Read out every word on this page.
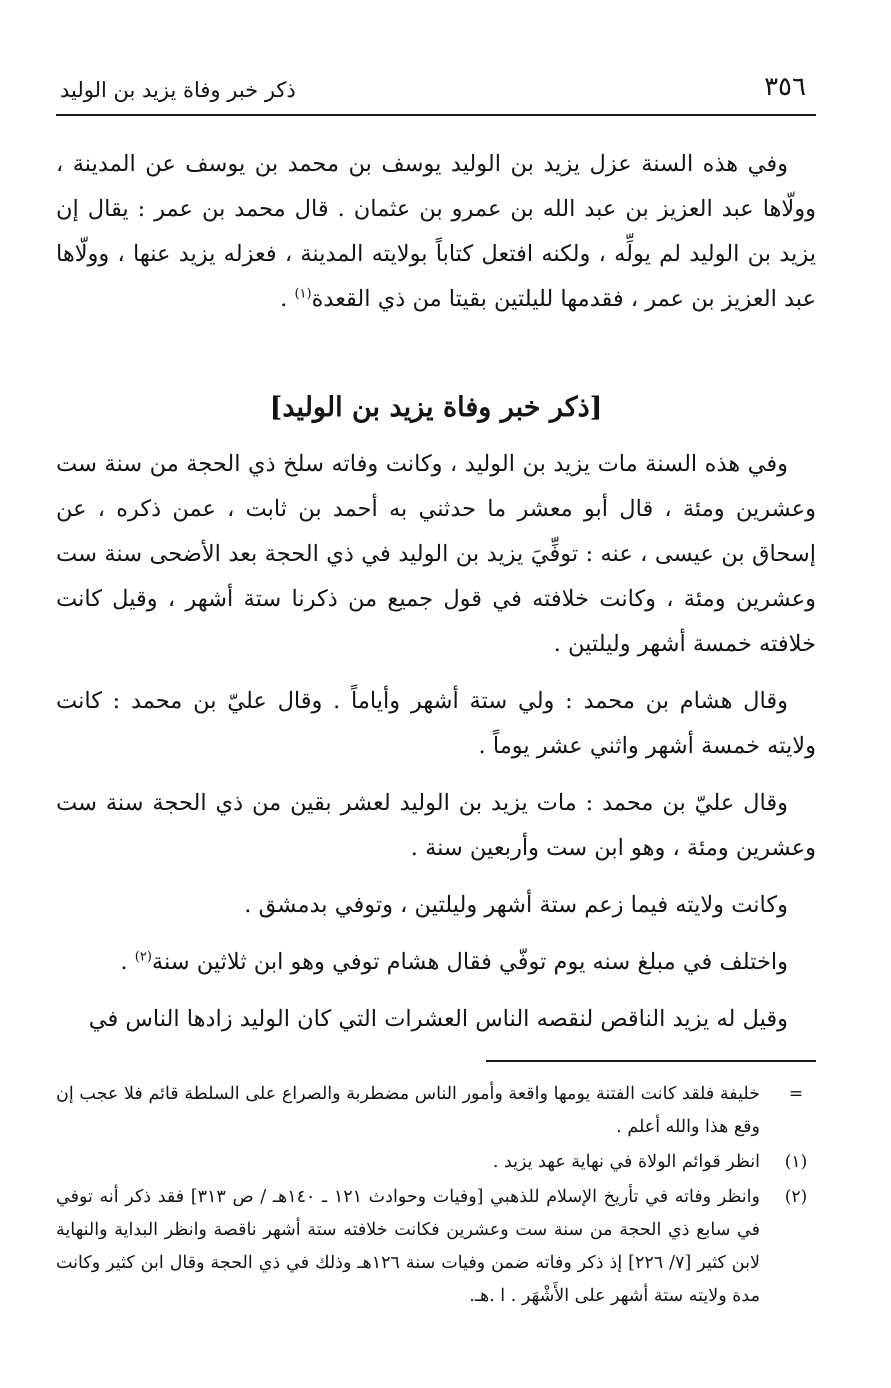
٣٥٦
ذكر خبر وفاة يزيد بن الوليد

وفي هذه السنة عزل يزيد بن الوليد يوسف بن محمد بن يوسف عن المدينة ، وولّاها عبد العزيز بن عبد الله بن عمرو بن عثمان . قال محمد بن عمر : يقال إن يزيد بن الوليد لم يولِّه ، ولكنه افتعل كتاباً بولايته المدينة ، فعزله يزيد عنها ، وولّاها عبد العزيز بن عمر ، فقدمها لليلتين بقيتا من ذي القعدة$^{(١)}$ .

[ذكر خبر وفاة يزيد بن الوليد]

وفي هذه السنة مات يزيد بن الوليد ، وكانت وفاته سلخ ذي الحجة من سنة ست وعشرين ومئة ، قال أبو معشر ما حدثني به أحمد بن ثابت ، عمن ذكره ، عن إسحاق بن عيسى ، عنه : توفِّيَ يزيد بن الوليد في ذي الحجة بعد الأضحى سنة ست وعشرين ومئة ، وكانت خلافته في قول جميع من ذكرنا ستة أشهر ، وقيل كانت خلافته خمسة أشهر وليلتين .

وقال هشام بن محمد : ولي ستة أشهر وأياماً . وقال عليّ بن محمد : كانت ولايته خمسة أشهر واثني عشر يوماً .

وقال عليّ بن محمد : مات يزيد بن الوليد لعشر بقين من ذي الحجة سنة ست وعشرين ومئة ، وهو ابن ست وأربعين سنة .

وكانت ولايته فيما زعم ستة أشهر وليلتين ، وتوفي بدمشق .

واختلف في مبلغ سنه يوم توفّي فقال هشام توفي وهو ابن ثلاثين سنة$^{(٢)}$ .

وقيل له يزيد الناقص لنقصه الناس العشرات التي كان الوليد زادها الناس في

=
خليفة فلقد كانت الفتنة يومها واقعة وأمور الناس مضطربة والصراع على السلطة قائم فلا عجب إن وقع هذا والله أعلم .
(١)
انظر قوائم الولاة في نهاية عهد يزيد .
(٢)
وانظر وفاته في تأريخ الإسلام للذهبي [وفيات وحوادث ١٢١ ـ ١٤٠هـ / ص ٣١٣] فقد ذكر أنه توفي في سابع ذي الحجة من سنة ست وعشرين فكانت خلافته ستة أشهر ناقصة وانظر البداية والنهاية لابن كثير [٧/ ٢٢٦] إذ ذكر وفاته ضمن وفيات سنة ١٢٦هـ وذلك في ذي الحجة وقال ابن كثير وكانت مدة ولايته ستة أشهر على الأَشْهَر . ا .هـ.
